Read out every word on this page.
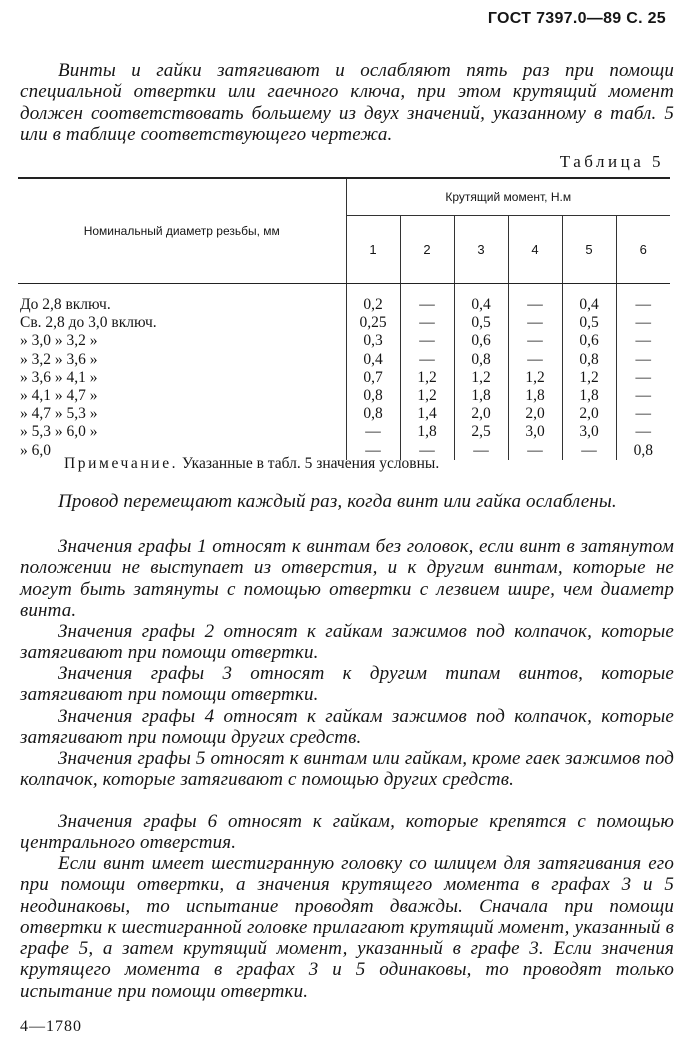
ГОСТ 7397.0—89 С. 25

Винты и гайки затягивают и ослабляют пять раз при помощи специальной отвертки или гаечного ключа, при этом крутящий момент должен соответствовать большему из двух значений, указанному в табл. 5 или в таблице соответствующего чертежа.

Таблица 5
Номинальный диаметр резьбы, мм	Крутящий момент, Н.м					
	1	2	3	4	5	6
До 2,8 включ.	0,2	—	0,4	—	0,4	—
Св. 2,8 до 3,0 включ.	0,25	—	0,5	—	0,5	—
» 3,0 » 3,2 »	0,3	—	0,6	—	0,6	—
» 3,2 » 3,6 »	0,4	—	0,8	—	0,8	—
» 3,6 » 4,1 »	0,7	1,2	1,2	1,2	1,2	—
» 4,1 » 4,7 »	0,8	1,2	1,8	1,8	1,8	—
» 4,7 » 5,3 »	0,8	1,4	2,0	2,0	2,0	—
» 5,3 » 6,0 »	—	1,8	2,5	3,0	3,0	—
» 6,0	—	—	—	—	—	0,8
Примечание. Указанные в табл. 5 значения условны.

Провод перемещают каждый раз, когда винт или гайка ослаблены.

Значения графы 1 относят к винтам без головок, если винт в затянутом положении не выступает из отверстия, и к другим винтам, которые не могут быть затянуты с помощью отвертки с лезвием шире, чем диаметр винта.

Значения графы 2 относят к гайкам зажимов под колпачок, которые затягивают при помощи отвертки.

Значения графы 3 относят к другим типам винтов, которые затягивают при помощи отвертки.

Значения графы 4 относят к гайкам зажимов под колпачок, которые затягивают при помощи других средств.

Значения графы 5 относят к винтам или гайкам, кроме гаек зажимов под колпачок, которые затягивают с помощью других средств.

Значения графы 6 относят к гайкам, которые крепятся с помощью центрального отверстия.

Если винт имеет шестигранную головку со шлицем для затягивания его при помощи отвертки, а значения крутящего момента в графах 3 и 5 неодинаковы, то испытание проводят дважды. Сначала при помощи отвертки к шестигранной головке прилагают крутящий момент, указанный в графе 5, а затем крутящий момент, указанный в графе 3. Если значения крутящего момента в графах 3 и 5 одинаковы, то проводят только испытание при помощи отвертки.

4—1780
